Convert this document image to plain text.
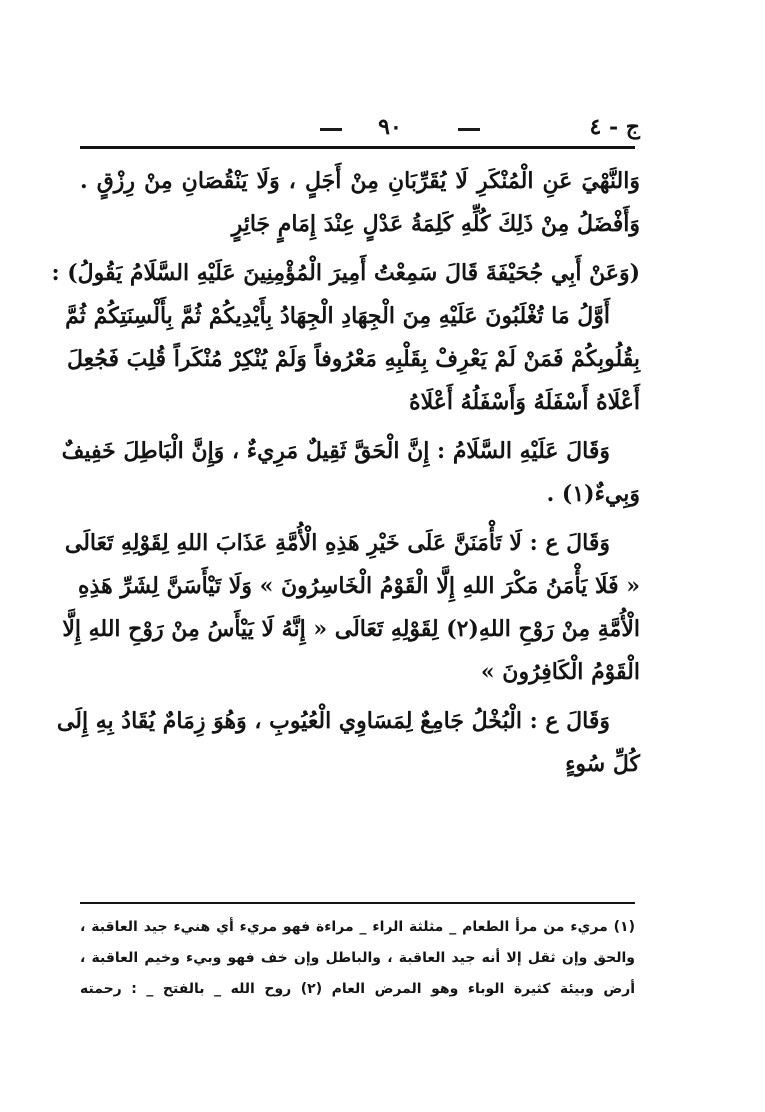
٩٠	ج - ٤
وَالنَّهْيَ عَنِ الْمُنْكَرِ لَا يُقَرِّبَانِ مِنْ أَجَلٍ ، وَلَا يَنْقُصَانِ مِنْ رِزْقٍ .
وَأَفْضَلُ مِنْ ذَلِكَ كُلِّهِ كَلِمَةُ عَدْلٍ عِنْدَ إِمَامٍ جَائِرٍ
(وَعَنْ أَبِي جُحَيْفَةَ قَالَ سَمِعْتُ أَمِيرَ الْمُؤْمِنِينَ عَلَيْهِ السَّلَامُ يَقُولُ) :
أَوَّلُ مَا تُغْلَبُونَ عَلَيْهِ مِنَ الْجِهَادِ الْجِهَادُ بِأَيْدِيكُمْ ثُمَّ بِأَلْسِنَتِكُمْ ثُمَّ
بِقُلُوبِكُمْ فَمَنْ لَمْ يَعْرِفْ بِقَلْبِهِ مَعْرُوفاً وَلَمْ يُنْكِرْ مُنْكَراً قُلِبَ فَجُعِلَ
أَعْلَاهُ أَسْفَلَهُ وَأَسْفَلُهُ أَعْلَاهُ
وَقَالَ عَلَيْهِ السَّلَامُ : إِنَّ الْحَقَّ ثَقِيلٌ مَرِيءٌ ، وَإِنَّ الْبَاطِلَ خَفِيفٌ
وَبِيءٌ(١) .
وَقَالَ ع : لَا تَأْمَنَنَّ عَلَى خَيْرِ هَذِهِ الْأُمَّةِ عَذَابَ اللهِ لِقَوْلِهِ تَعَالَى
« فَلَا يَأْمَنُ مَكْرَ اللهِ إِلَّا الْقَوْمُ الْخَاسِرُونَ » وَلَا تَيْأَسَنَّ لِشَرِّ هَذِهِ
الْأُمَّةِ مِنْ رَوْحِ اللهِ(٢) لِقَوْلِهِ تَعَالَى « إِنَّهُ لَا يَيْأَسُ مِنْ رَوْحِ اللهِ إِلَّا
الْقَوْمُ الْكَافِرُونَ »
وَقَالَ ع : الْبُخْلُ جَامِعٌ لِمَسَاوِي الْعُيُوبِ ، وَهُوَ زِمَامٌ يُقَادُ بِهِ إِلَى
كُلِّ سُوءٍ
(١) مريء من مرأ الطعام _ مثلثة الراء _ مراءة فهو مريء أي هنيء جيد العاقبة ،
والحق وإن ثقل إلا أنه جيد العاقبة ، والباطل وإن خف فهو وبيء وخيم العاقبة ،
أرض وبيئة كثيرة الوباء وهو المرض العام (٢) روح الله _ بالفتح _ : رحمته
